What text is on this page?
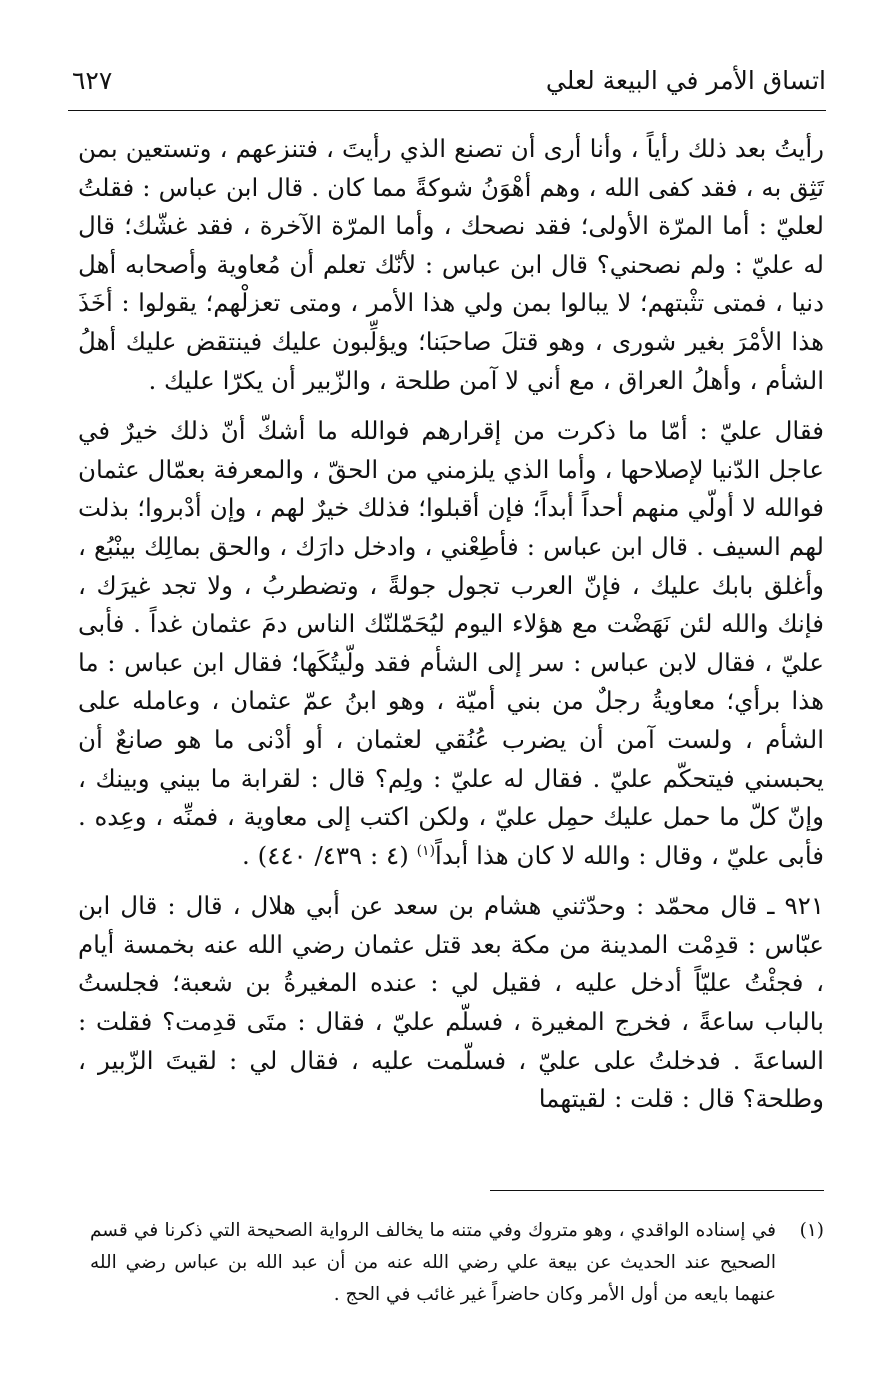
اتساق الأمر في البيعة لعلي
٦٢٧

رأيتُ بعد ذلك رأياً ، وأنا أرى أن تصنع الذي رأيتَ ، فتنزعهم ، وتستعين بمن تَثِق به ، فقد كفى الله ، وهم أهْوَنُ شوكةً مما كان . قال ابن عباس : فقلتُ لعليّ : أما المرّة الأولى؛ فقد نصحك ، وأما المرّة الآخرة ، فقد غشّك؛ قال له عليّ : ولم نصحني؟ قال ابن عباس : لأنّك تعلم أن مُعاوية وأصحابه أهل دنيا ، فمتى تثْبتهم؛ لا يبالوا بمن ولي هذا الأمر ، ومتى تعزلْهم؛ يقولوا : أخَذَ هذا الأمْرَ بغير شورى ، وهو قتلَ صاحبَنا؛ ويؤلِّبون عليك فينتقض عليك أهلُ الشأم ، وأهلُ العراق ، مع أني لا آمن طلحة ، والزّبير أن يكرّا عليك .

فقال عليّ : أمّا ما ذكرت من إقرارهم فوالله ما أشكّ أنّ ذلك خيرٌ في عاجل الدّنيا لإصلاحها ، وأما الذي يلزمني من الحقّ ، والمعرفة بعمّال عثمان فوالله لا أولّي منهم أحداً أبداً؛ فإن أقبلوا؛ فذلك خيرٌ لهم ، وإن أدْبروا؛ بذلت لهم السيف . قال ابن عباس : فأطِعْني ، وادخل دارَك ، والحق بمالِك بينْبُع ، وأغلق بابك عليك ، فإنّ العرب تجول جولةً ، وتضطربُ ، ولا تجد غيرَك ، فإنك والله لئن نَهَضْت مع هؤلاء اليوم ليُحَمّلنّك الناس دمَ عثمان غداً . فأبى عليّ ، فقال لابن عباس : سر إلى الشأم فقد ولّيتُكَها؛ فقال ابن عباس : ما هذا برأي؛ معاويةُ رجلٌ من بني أميّة ، وهو ابنُ عمّ عثمان ، وعامله على الشأم ، ولست آمن أن يضرب عُنُقي لعثمان ، أو أدْنى ما هو صانعٌ أن يحبسني فيتحكّم عليّ . فقال له عليّ : ولِم؟ قال : لقرابة ما بيني وبينك ، وإنّ كلّ ما حمل عليك حمِل عليّ ، ولكن اكتب إلى معاوية ، فمنِّه ، وعِده . فأبى عليّ ، وقال : والله لا كان هذا أبداً$^{(١)}$ (٤ : ٤٣٩/ ٤٤٠) .

٩٢١ ـ قال محمّد : وحدّثني هشام بن سعد عن أبي هلال ، قال : قال ابن عبّاس : قدِمْت المدينة من مكة بعد قتل عثمان رضي الله عنه بخمسة أيام ، فجئْتُ عليّاً أدخل عليه ، فقيل لي : عنده المغيرةُ بن شعبة؛ فجلستُ بالباب ساعةً ، فخرج المغيرة ، فسلّم عليّ ، فقال : متَى قدِمت؟ فقلت : الساعةَ . فدخلتُ على عليّ ، فسلّمت عليه ، فقال لي : لقيتَ الزّبير ، وطلحة؟ قال : قلت : لقيتهما

(١)
في إسناده الواقدي ، وهو متروك وفي متنه ما يخالف الرواية الصحيحة التي ذكرنا في قسم الصحيح عند الحديث عن بيعة علي رضي الله عنه من أن عبد الله بن عباس رضي الله عنهما بايعه من أول الأمر وكان حاضراً غير غائب في الحج .
